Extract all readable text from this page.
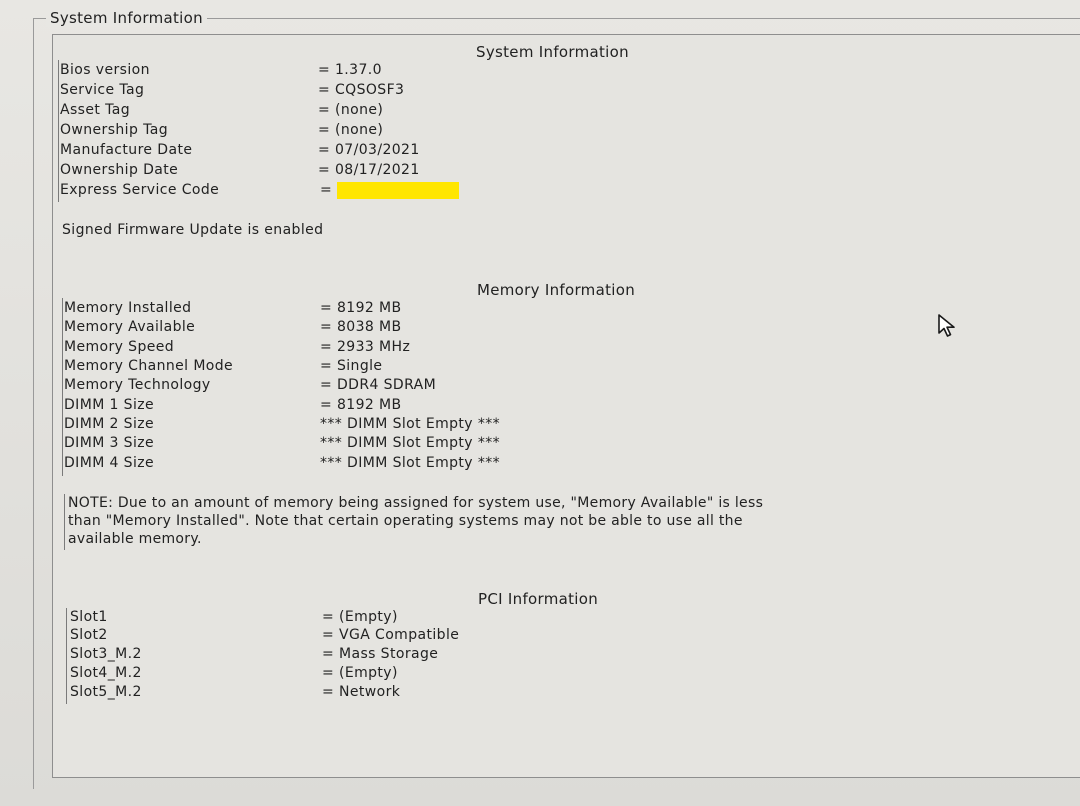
System Information
System Information
Bios version	= 1.37.0
Service Tag	= CQSOSF3
Asset Tag	= (none)
Ownership Tag	= (none)
Manufacture Date	= 07/03/2021
Ownership Date	= 08/17/2021
Express Service Code	=
Signed Firmware Update is enabled
Memory Information
Memory Installed	= 8192 MB
Memory Available	= 8038 MB
Memory Speed	= 2933 MHz
Memory Channel Mode	= Single
Memory Technology	= DDR4 SDRAM
DIMM 1 Size	= 8192 MB
DIMM 2 Size	*** DIMM Slot Empty ***
DIMM 3 Size	*** DIMM Slot Empty ***
DIMM 4 Size	*** DIMM Slot Empty ***
NOTE: Due to an amount of memory being assigned for system use, "Memory Available" is less
than "Memory Installed". Note that certain operating systems may not be able to use all the
available memory.
PCI Information
Slot1	= (Empty)
Slot2	= VGA Compatible
Slot3_M.2	= Mass Storage
Slot4_M.2	= (Empty)
Slot5_M.2	= Network
